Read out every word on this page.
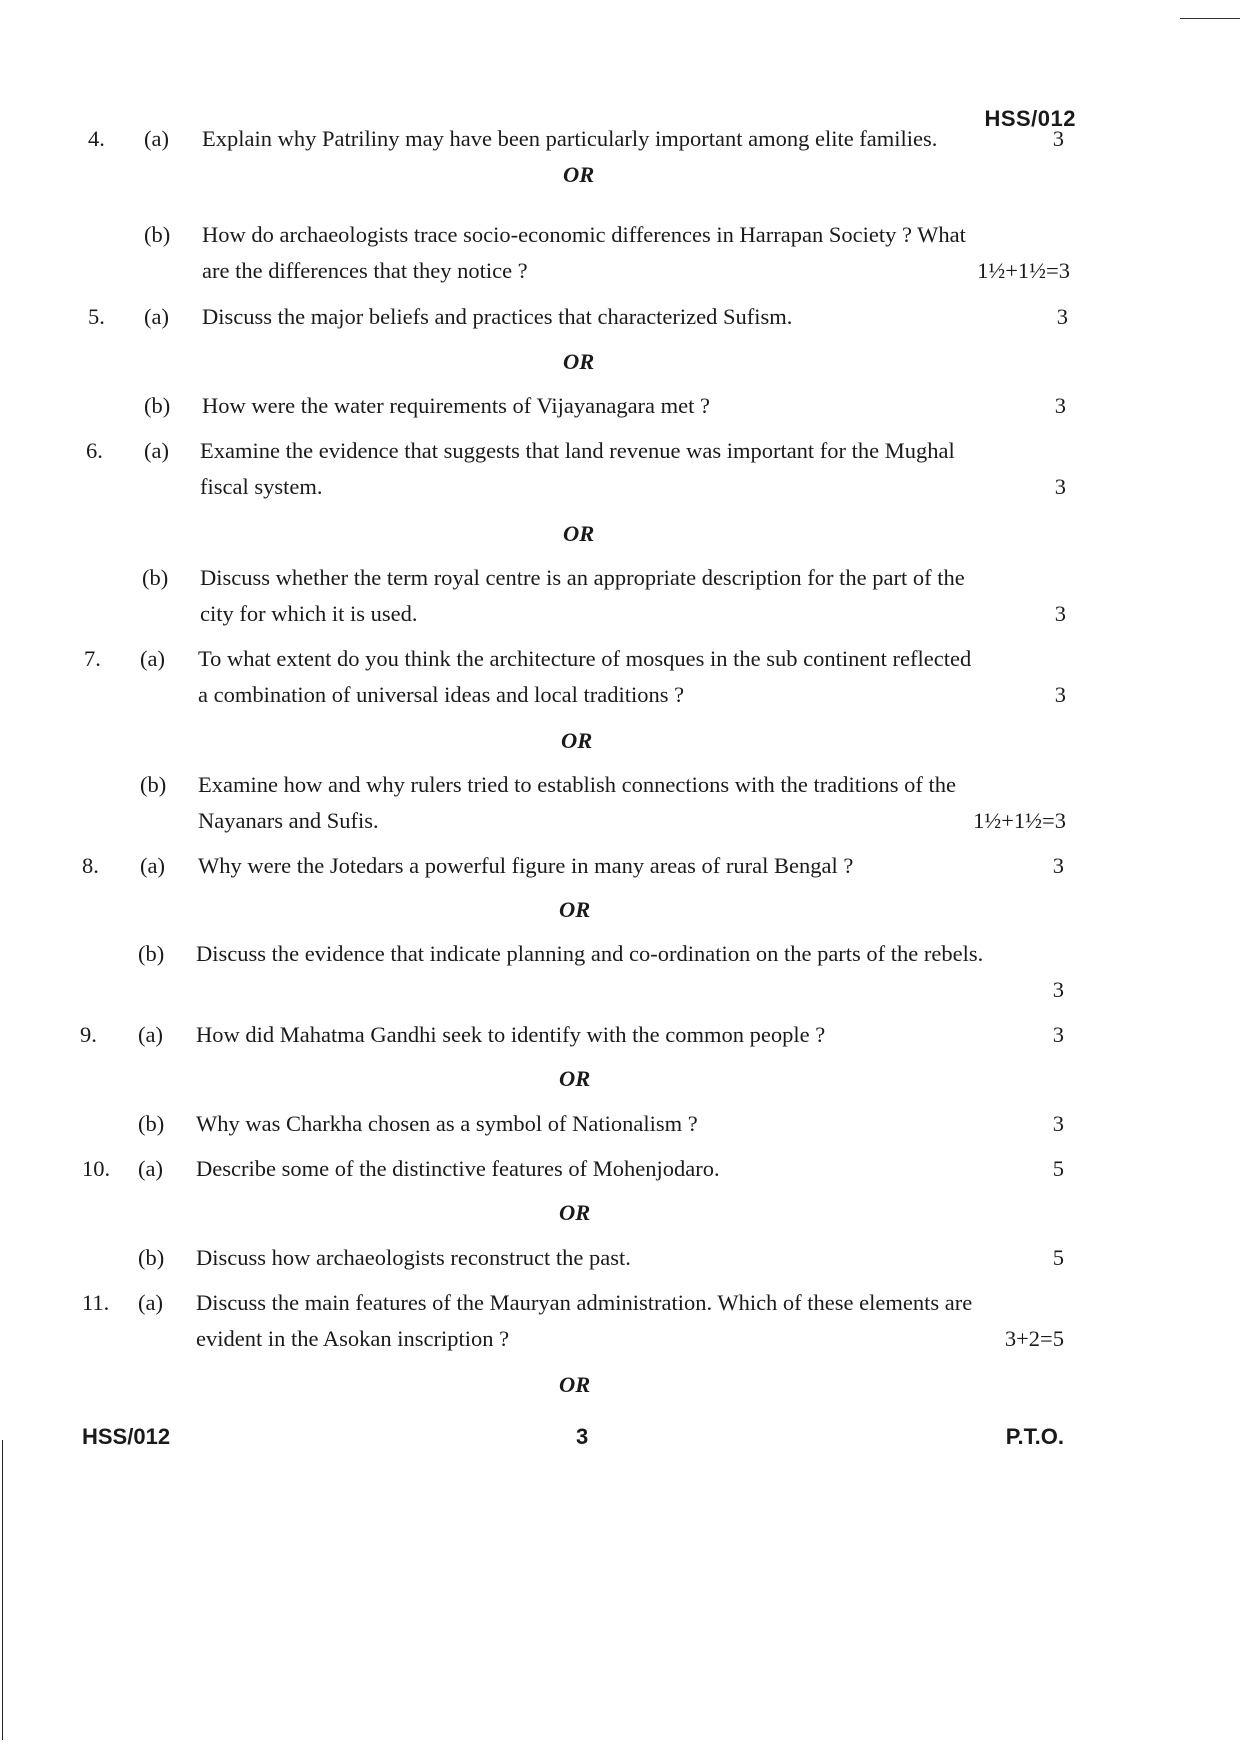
HSS/012
4. (a) Explain why Patriliny may have been particularly important among elite families.	3
OR
(b) How do archaeologists trace socio-economic differences in Harrapan Society ? What
are the differences that they notice ?	1½+1½=3
5. (a) Discuss the major beliefs and practices that characterized Sufism.	3
OR
(b) How were the water requirements of Vijayanagara met ?	3
6. (a) Examine the evidence that suggests that land revenue was important for the Mughal
fiscal system.	3
OR
(b) Discuss whether the term royal centre is an appropriate description for the part of the
city for which it is used.	3
7. (a) To what extent do you think the architecture of mosques in the sub continent reflected
a combination of universal ideas and local traditions ?	3
OR
(b) Examine how and why rulers tried to establish connections with the traditions of the
Nayanars and Sufis.	1½+1½=3
8. (a) Why were the Jotedars a powerful figure in many areas of rural Bengal ?	3
OR
(b) Discuss the evidence that indicate planning and co-ordination on the parts of the rebels.
3
9. (a) How did Mahatma Gandhi seek to identify with the common people ?	3
OR
(b) Why was Charkha chosen as a symbol of Nationalism ?	3
10. (a) Describe some of the distinctive features of Mohenjodaro.	5
OR
(b) Discuss how archaeologists reconstruct the past.	5
11. (a) Discuss the main features of the Mauryan administration. Which of these elements are
evident in the Asokan inscription ?	3+2=5
OR
HSS/012	3	P.T.O.
